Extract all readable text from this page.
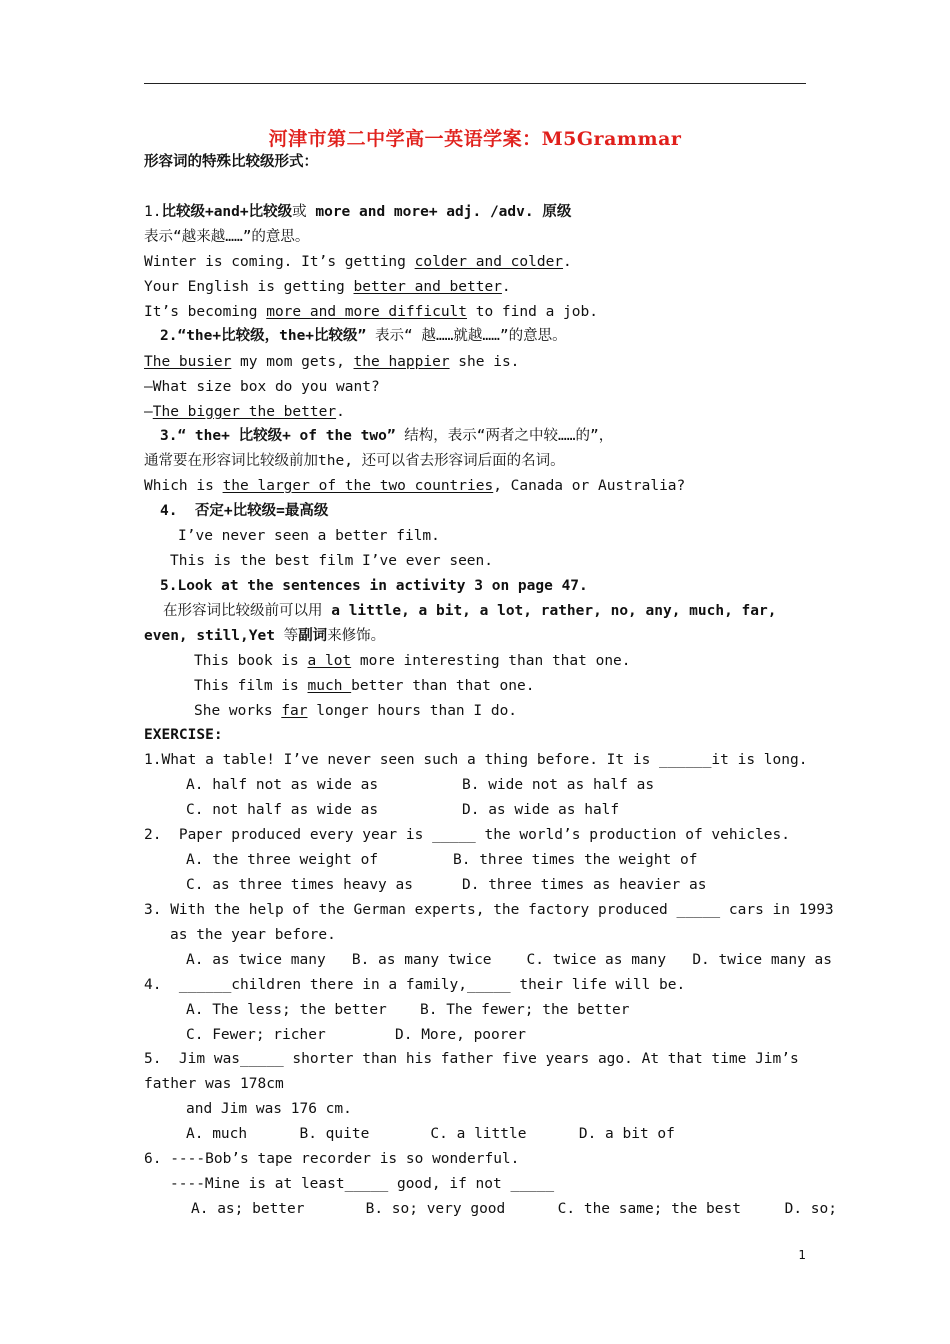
河津市第二中学高一英语学案：M5Grammar
形容词的特殊比较级形式：
1.比较级+and+比较级或 more and more+ adj. /adv. 原级
表示“越来越……”的意思。
Winter is coming. It’s getting colder and colder.
Your English is getting better and better.
It’s becoming more and more difficult to find a job.
2.“the+比较级，the+比较级” 表示“ 越……就越……”的意思。
The busier my mom gets, the happier she is.
—What size box do you want?
—The bigger the better.
3.“ the+ 比较级+ of the two” 结构，表示“两者之中较……的”，
通常要在形容词比较级前加the, 还可以省去形容词后面的名词。
Which is the larger of the two countries, Canada or Australia?
4.  否定+比较级=最高级
I’ve never seen a better film.
This is the best film I’ve ever seen.
5.Look at the sentences in activity 3 on page 47.
在形容词比较级前可以用 a little, a bit, a lot, rather, no, any, much, far,
even, still,Yet 等副词来修饰。
This book is a lot more interesting than that one.
This film is much better than that one.
She works far longer hours than I do.
EXERCISE:
1.What a table! I’ve never seen such a thing before. It is ______it is long.
A. half not as wide as	B. wide not as half as
C. not half as wide as	D. as wide as half
2.  Paper produced every year is _____ the world’s production of vehicles.
A. the three weight of	B. three times the weight of
C. as three times heavy as	D. three times as heavier as
3. With the help of the German experts, the factory produced _____ cars in 1993
as the year before.
A. as twice many   B. as many twice    C. twice as many   D. twice many as
4.  ______children there in a family,_____ their life will be.
A. The less; the better B. The fewer; the better
C. Fewer; richer	D. More, poorer
5.  Jim was_____ shorter than his father five years ago. At that time Jim’s
father was 178cm
and Jim was 176 cm.
A. much      B. quite       C. a little      D. a bit of
6. ----Bob’s tape recorder is so wonderful.
----Mine is at least_____ good, if not _____
A. as; better       B. so; very good      C. the same; the best     D. so;
1
